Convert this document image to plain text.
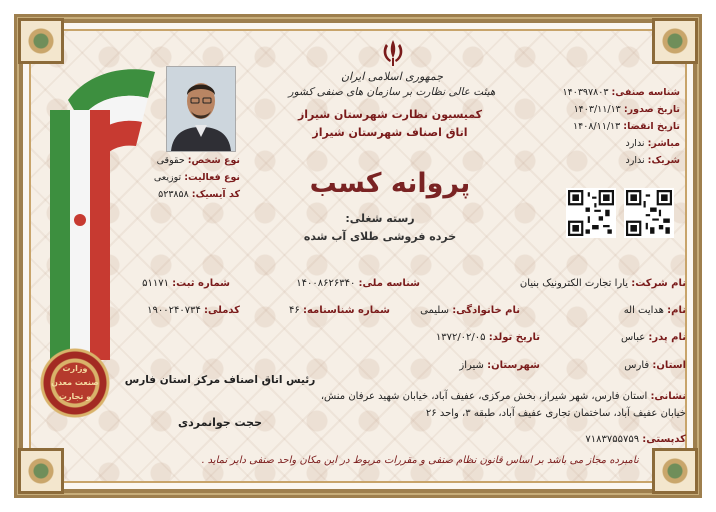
جمهوری اسلامی ایران
هیئت عالی نظارت بر سازمان های صنفی کشور
کمیسیون نظارت شهرستان شیراز
اتاق اصناف شهرستان شیراز
پروانه کسب
رسته شغلی:
خرده فروشی طلای آب شده
شناسه صنفی: ۱۴۰۳۹۷۸۰۳
تاریخ صدور: ۱۴۰۳/۱۱/۱۳
تاریخ انقضا: ۱۴۰۸/۱۱/۱۳
مباشر: ندارد
شریک: ندارد
نوع شخص: حقوقی
نوع فعالیت: توزیعی
کد آیسیک: ۵۲۳۸۵۸
وزارت
صنعت معدن
و تجارت
نام شرکت: یارا تجارت الکترونیک بنیان
شناسه ملی: ۱۴۰۰۸۶۲۶۳۴۰
شماره ثبت: ۵۱۱۷۱
نام: هدایت اله
نام خانوادگی: سلیمی
شماره شناسنامه: ۴۶
کدملی: ۱۹۰۰۲۴۰۷۳۴
نام پدر: عباس
تاریخ تولد: ۱۳۷۲/۰۲/۰۵
استان: فارس
شهرستان: شیراز
نشانی: استان فارس، شهر شیراز، بخش مرکزی، عفیف آباد، خیابان شهید عرفان منش،
خیابان عفیف آباد، ساختمان تجاری عفیف آباد، طبقه ۳، واحد ۲۶
کدپستی: ۷۱۸۳۷۵۵۷۵۹
رئیس اتاق اصناف مرکز استان فارس
حجت جوانمردی
نامبرده مجاز می باشد بر اساس قانون نظام صنفی و مقررات مربوط در این مکان واحد صنفی دایر نماید .
